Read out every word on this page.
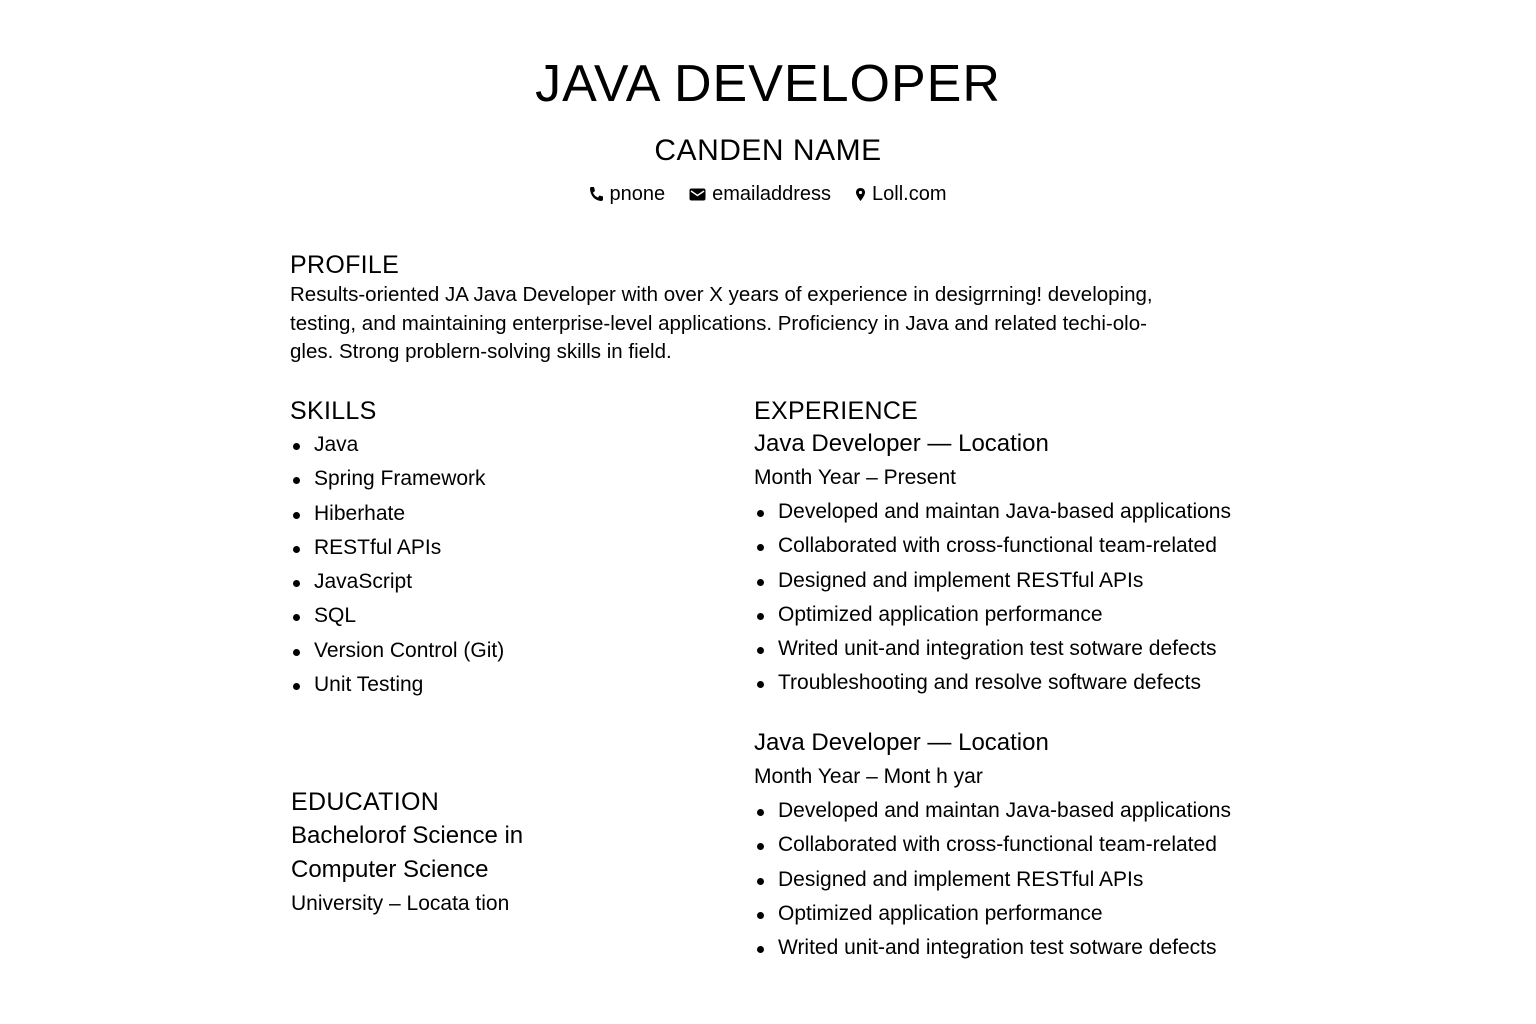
JAVA DEVELOPER
CANDEN NAME
pnone emailaddress Loll.com
PROFILE
Results-oriented JA Java Developer with over X years of experience in desigrrning! developing,
testing, and maintaining enterprise-level applications. Proficiency in Java and related techi-olo-
gles. Strong problern-solving skills in field.
SKILLS
Java
Spring Framework
Hiberhate
RESTful APIs
JavaScript
SQL
Version Control (Git)
Unit Testing
EDUCATION
Bachelorof Science in Computer Science
University – Locata tion
EXPERIENCE
Java Developer — Location
Month Year – Present
Developed and maintan Java-based applications
Collaborated with cross-functional team-related
Designed and implement RESTful APIs
Optimized application performance
Writed unit-and integration test sotware defects
Troubleshooting and resolve software defects
Java Developer — Location
Month Year – Mont h yar
Developed and maintan Java-based applications
Collaborated with cross-functional team-related
Designed and implement RESTful APIs
Optimized application performance
Writed unit-and integration test sotware defects
